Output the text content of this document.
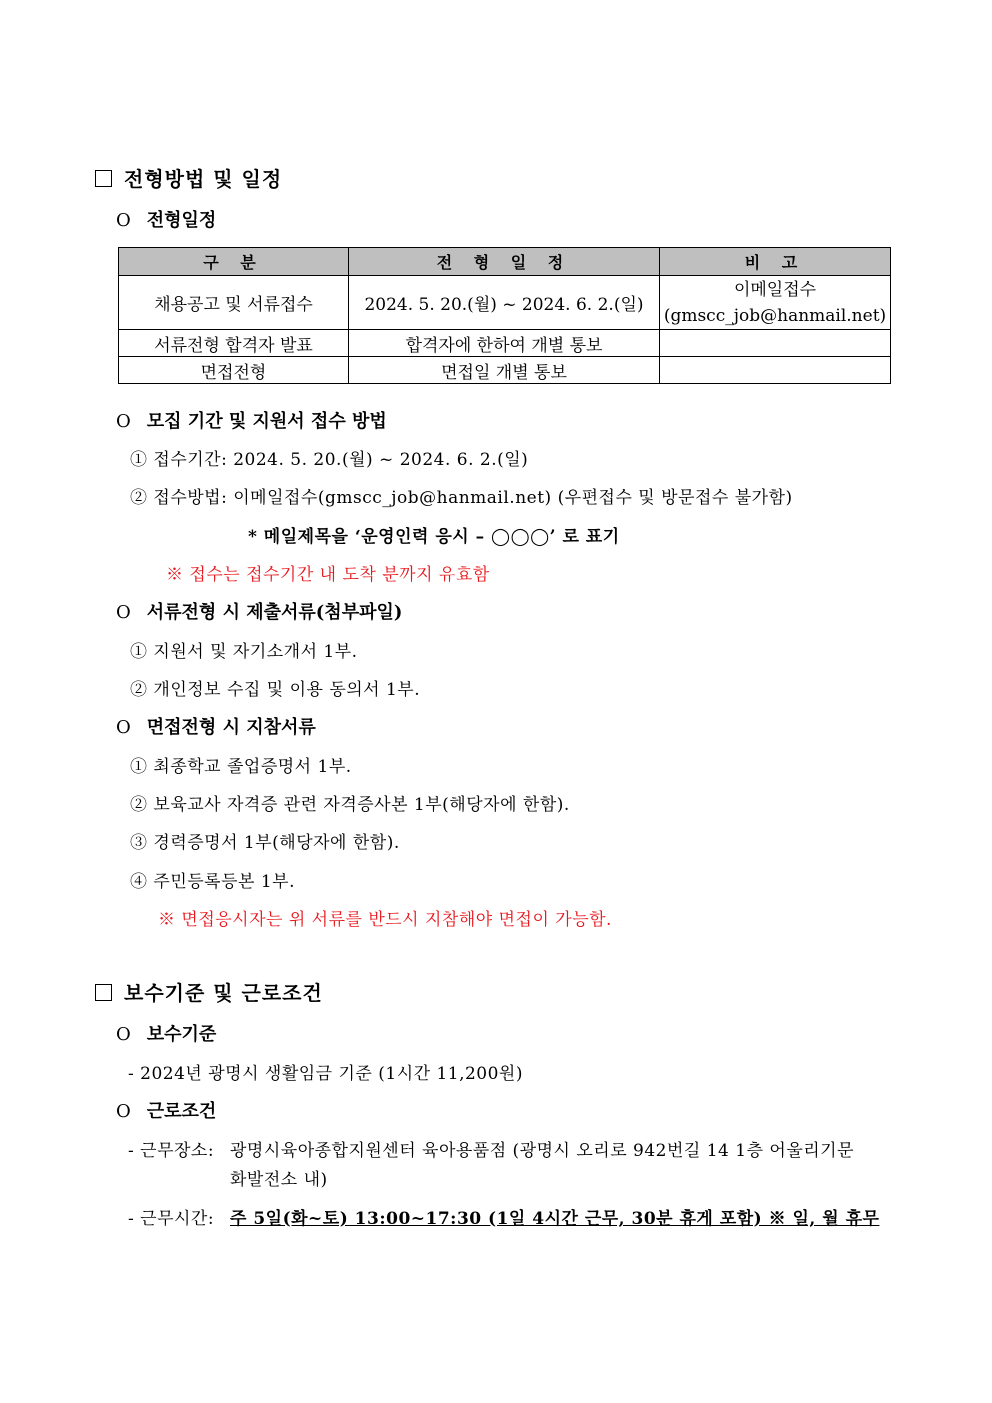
전형방법 및 일정
O 전형일정
구 분	전 형 일 정	비 고
채용공고 및 서류접수	2024. 5. 20.(월) ~ 2024. 6. 2.(일)	이메일접수
(gmscc_job@hanmail.net)

서류전형 합격자 발표	합격자에 한하여 개별 통보	
면접전형	면접일 개별 통보	
O 모집 기간 및 지원서 접수 방법
① 접수기간: 2024. 5. 20.(월) ~ 2024. 6. 2.(일)
② 접수방법: 이메일접수(gmscc_job@hanmail.net) (우편접수 및 방문접수 불가함)
* 메일제목을 ‘운영인력 응시 – ◯◯◯’ 로 표기
※ 접수는 접수기간 내 도착 분까지 유효함
O 서류전형 시 제출서류(첨부파일)
① 지원서 및 자기소개서 1부.
② 개인정보 수집 및 이용 동의서 1부.
O 면접전형 시 지참서류
① 최종학교 졸업증명서 1부.
② 보육교사 자격증 관련 자격증사본 1부(해당자에 한함).
③ 경력증명서 1부(해당자에 한함).
④ 주민등록등본 1부.
※ 면접응시자는 위 서류를 반드시 지참해야 면접이 가능함.
보수기준 및 근로조건
O 보수기준
- 2024년 광명시 생활임금 기준 (1시간 11,200원)
O 근로조건
- 근무장소: 광명시육아종합지원센터 육아용품점 (광명시 오리로 942번길 14 1층 어울리기문
화발전소 내)
- 근무시간: 주 5일(화~토) 13:00~17:30 (1일 4시간 근무, 30분 휴게 포함) ※ 일, 월 휴무
